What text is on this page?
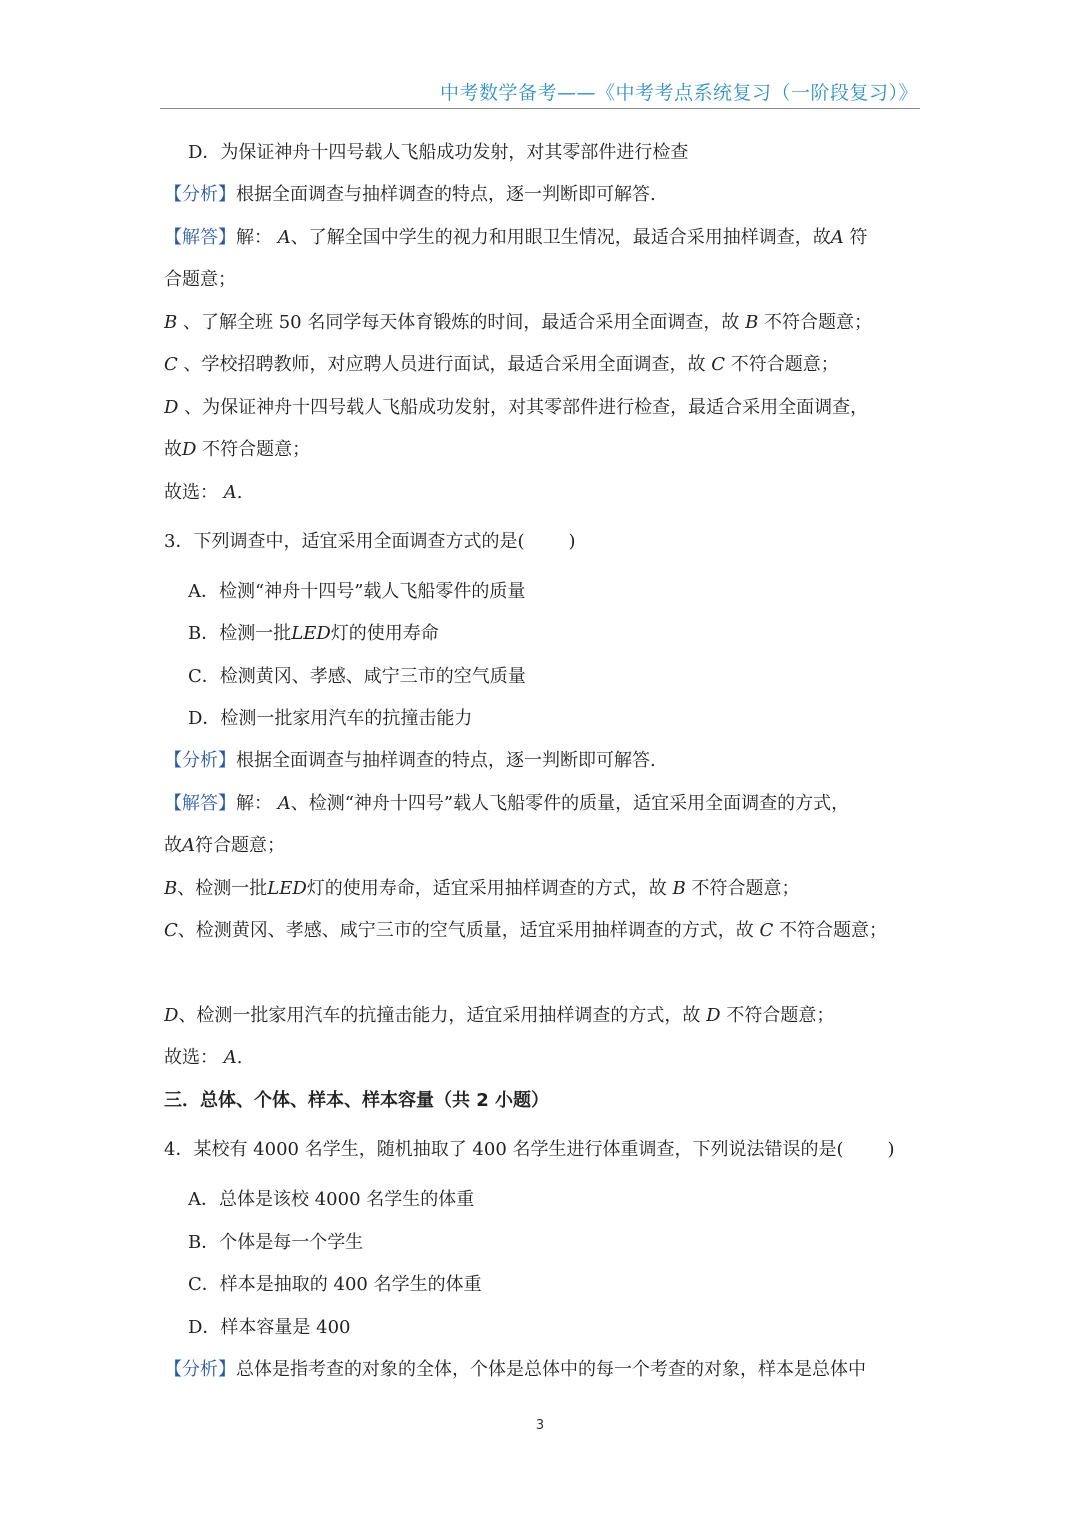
中考数学备考——《中考考点系统复习（一阶段复习）》
D．为保证神舟十四号载人飞船成功发射，对其零部件进行检查
【分析】根据全面调查与抽样调查的特点，逐一判断即可解答.
【解答】解： A、了解全国中学生的视力和用眼卫生情况，最适合采用抽样调查，故A 符
合题意；
B 、了解全班 50 名同学每天体育锻炼的时间，最适合采用全面调查，故 B 不符合题意；
C 、学校招聘教师，对应聘人员进行面试，最适合采用全面调查，故 C 不符合题意；
D 、为保证神舟十四号载人飞船成功发射，对其零部件进行检查，最适合采用全面调查，
故D 不符合题意；
故选： A.
3．下列调查中，适宜采用全面调查方式的是( )
A．检测“神舟十四号”载人飞船零件的质量
B．检测一批LED灯的使用寿命
C．检测黄冈、孝感、咸宁三市的空气质量
D．检测一批家用汽车的抗撞击能力
【分析】根据全面调查与抽样调查的特点，逐一判断即可解答.
【解答】解： A、检测“神舟十四号”载人飞船零件的质量，适宜采用全面调查的方式，
故A符合题意；
B、检测一批LED灯的使用寿命，适宜采用抽样调查的方式，故 B 不符合题意；
C、检测黄冈、孝感、咸宁三市的空气质量，适宜采用抽样调查的方式，故 C 不符合题意；
D、检测一批家用汽车的抗撞击能力，适宜采用抽样调查的方式，故 D 不符合题意；
故选： A.
三．总体、个体、样本、样本容量（共 2 小题）
4．某校有 4000 名学生，随机抽取了 400 名学生进行体重调查，下列说法错误的是( )
A．总体是该校 4000 名学生的体重
B．个体是每一个学生
C．样本是抽取的 400 名学生的体重
D．样本容量是 400
【分析】总体是指考查的对象的全体，个体是总体中的每一个考查的对象，样本是总体中
3
